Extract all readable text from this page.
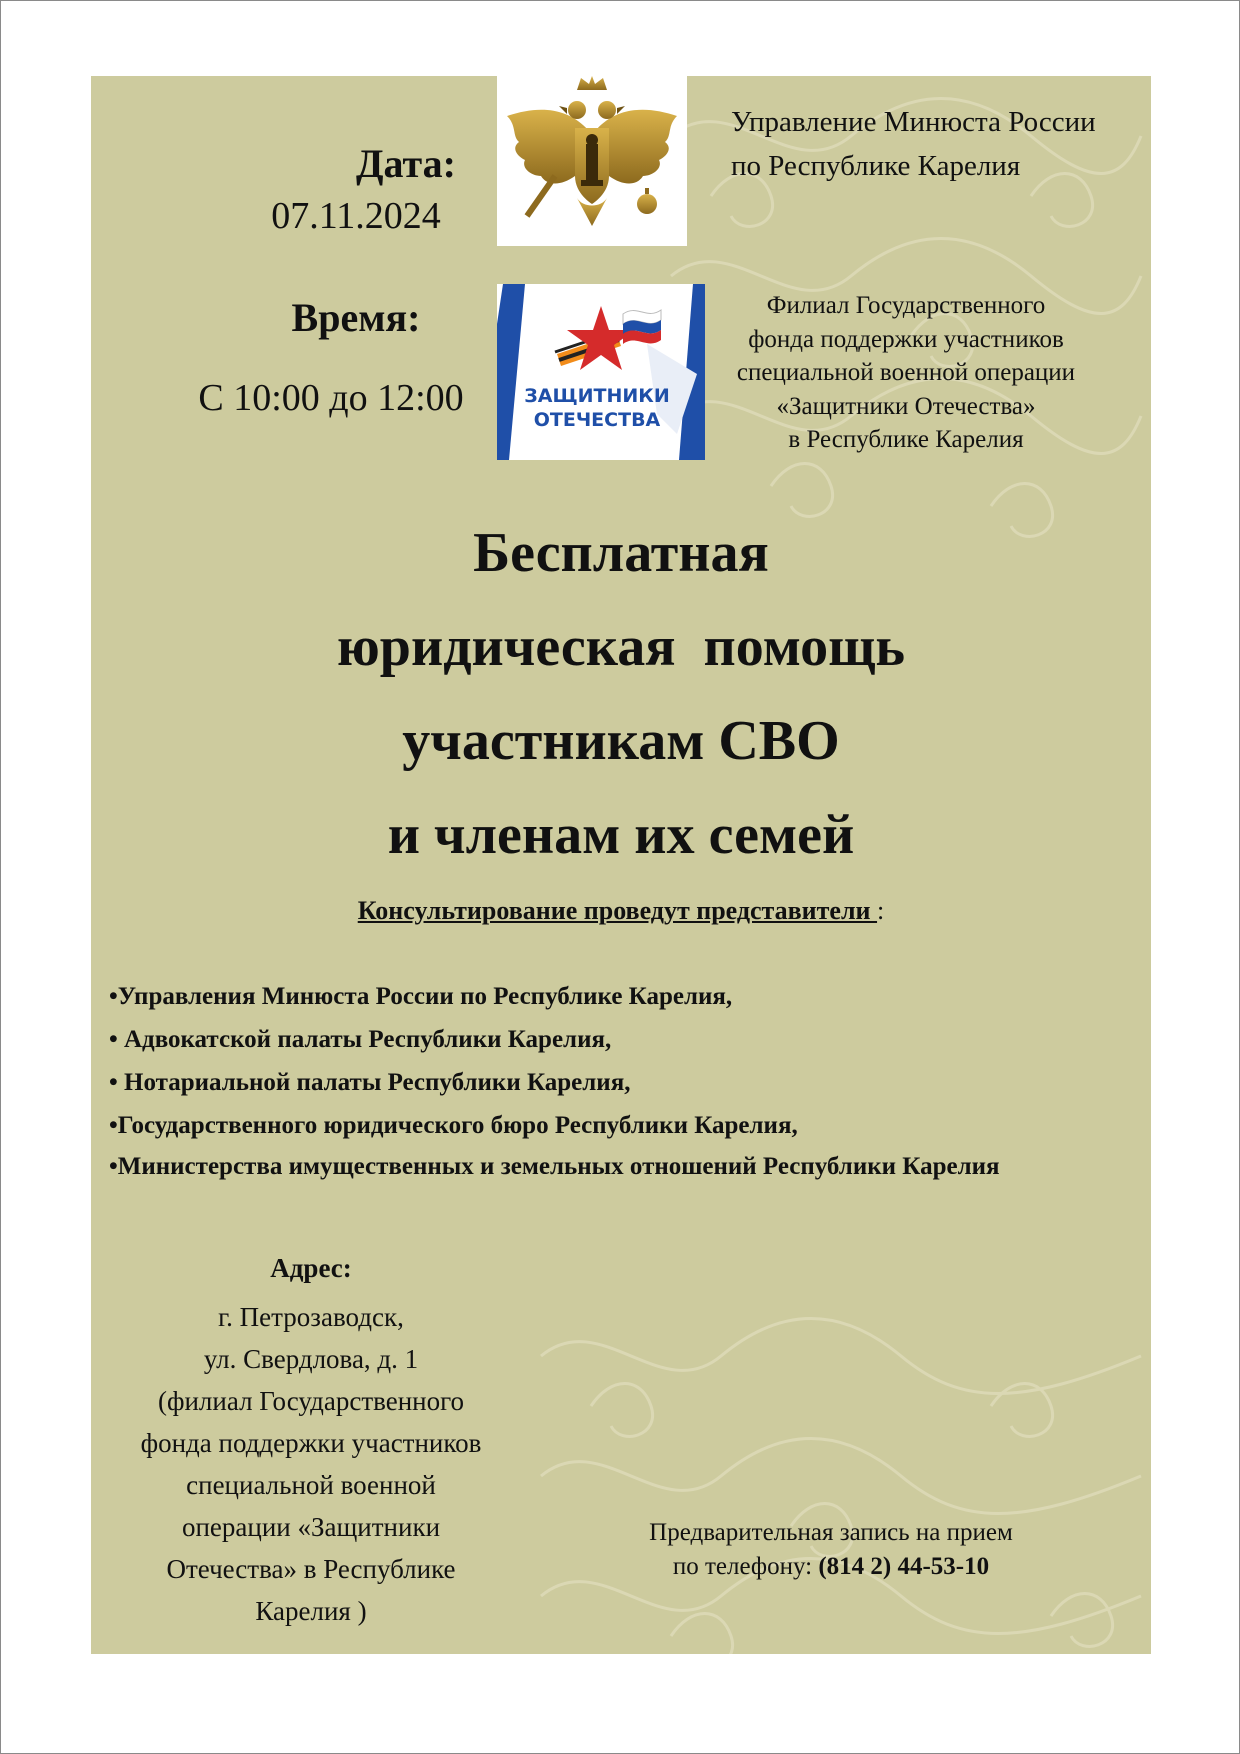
Дата:
07.11.2024
Время:
С 10:00 до 12:00	ЗАЩИТНИКИ
ОТЕЧЕСТВА
Управление Минюста России
по Республике Карелия
Филиал Государственного
фонда поддержки участников
специальной военной операции
«Защитники Отечества»
в Республике Карелия
Бесплатная
юридическая  помощь
участникам СВО
и членам их семей
Консультирование проведут представители :
•Управления Минюста России по Республике Карелия,
• Адвокатской палаты Республики Карелия,
• Нотариальной палаты Республики Карелия,
•Государственного юридического бюро Республики Карелия,
•Министерства имущественных и земельных отношений Республики Карелия
Адрес:
г. Петрозаводск,
ул. Свердлова, д. 1
(филиал Государственного
фонда поддержки участников
специальной военной
операции «Защитники
Отечества» в Республике
Карелия )
Предварительная запись на прием
по телефону: (814 2) 44-53-10
